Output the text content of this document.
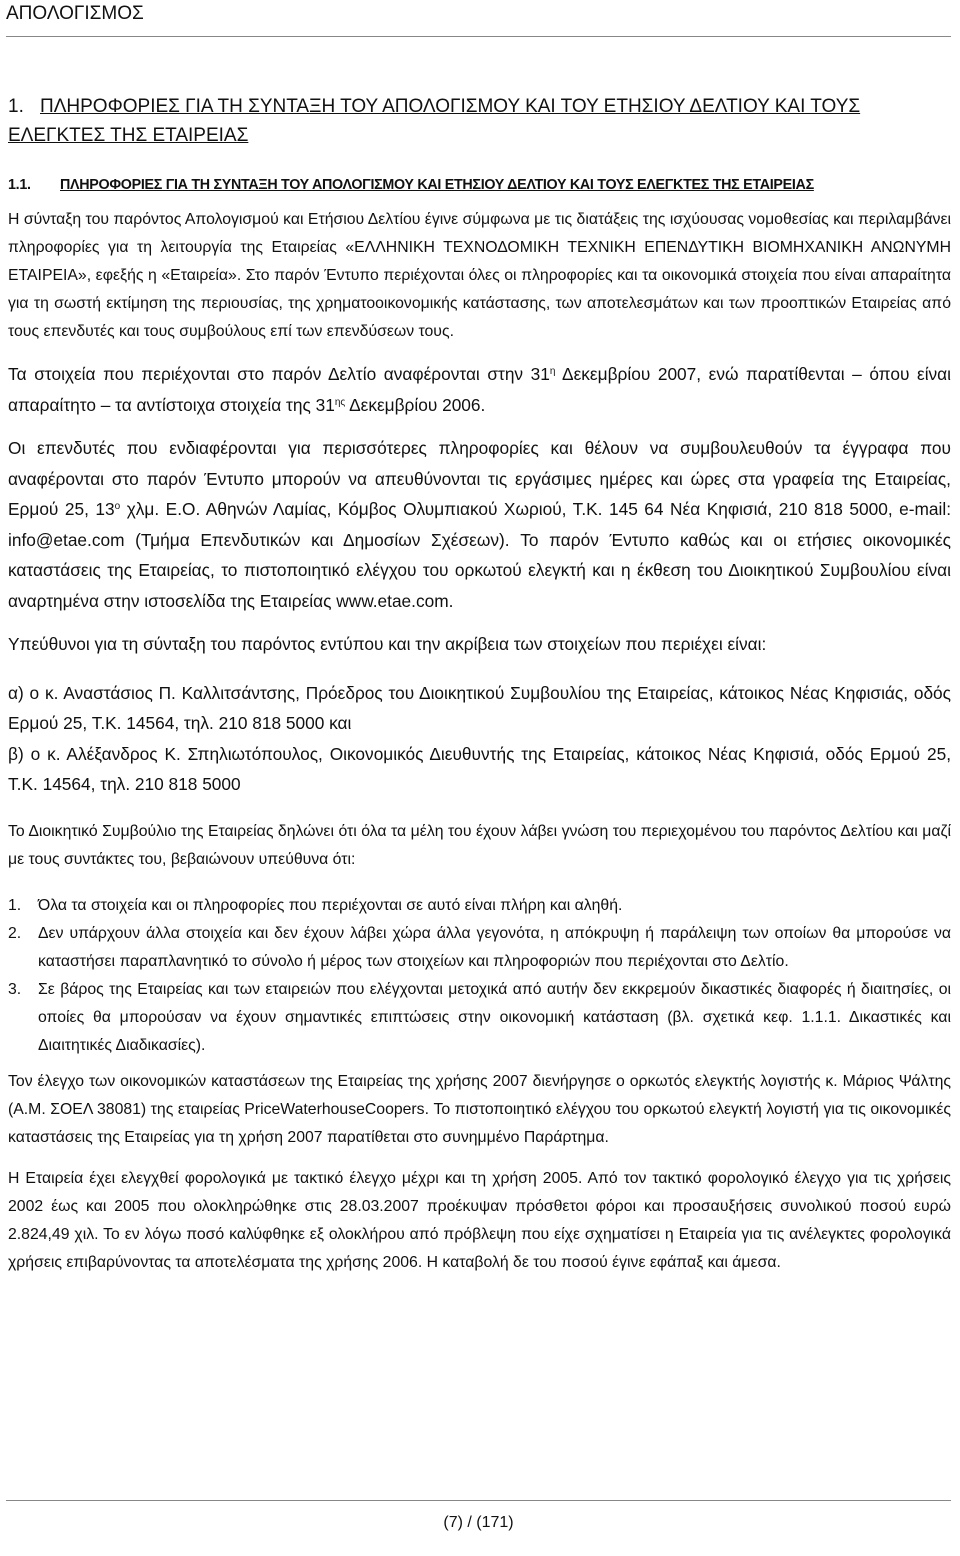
ΑΠΟΛΟΓΙΣΜΟΣ
1. ΠΛΗΡΟΦΟΡΙΕΣ ΓΙΑ ΤΗ ΣΥΝΤΑΞΗ ΤΟΥ ΑΠΟΛΟΓΙΣΜΟΥ ΚΑΙ ΤΟΥ ΕΤΗΣΙΟΥ ΔΕΛΤΙΟΥ ΚΑΙ ΤΟΥΣ ΕΛΕΓΚΤΕΣ ΤΗΣ ΕΤΑΙΡΕΙΑΣ
1.1. ΠΛΗΡΟΦΟΡΙΕΣ ΓΙΑ ΤΗ ΣΥΝΤΑΞΗ ΤΟΥ ΑΠΟΛΟΓΙΣΜΟΥ ΚΑΙ ΕΤΗΣΙΟΥ ΔΕΛΤΙΟΥ ΚΑΙ ΤΟΥΣ ΕΛΕΓΚΤΕΣ ΤΗΣ ΕΤΑΙΡΕΙΑΣ

Η σύνταξη του παρόντος Απολογισμού και Ετήσιου Δελτίου έγινε σύμφωνα με τις διατάξεις της ισχύουσας νομοθεσίας και περιλαμβάνει πληροφορίες για τη λειτουργία της Εταιρείας «ΕΛΛΗΝΙΚΗ ΤΕΧΝΟΔΟΜΙΚΗ ΤΕΧΝΙΚΗ ΕΠΕΝΔΥΤΙΚΗ ΒΙΟΜΗΧΑΝΙΚΗ ΑΝΩΝΥΜΗ ΕΤΑΙΡΕΙΑ», εφεξής η «Εταιρεία». Στο παρόν Έντυπο περιέχονται όλες οι πληροφορίες και τα οικονομικά στοιχεία που είναι απαραίτητα για τη σωστή εκτίμηση της περιουσίας, της χρηματοοικονομικής κατάστασης, των αποτελεσμάτων και των προοπτικών Εταιρείας από τους επενδυτές και τους συμβούλους επί των επενδύσεων τους.

Τα στοιχεία που περιέχονται στο παρόν Δελτίο αναφέρονται στην $31^\eta$ Δεκεμβρίου 2007, ενώ παρατίθενται – όπου είναι απαραίτητο – τα αντίστοιχα στοιχεία της $31^{\eta\varsigma}$ Δεκεμβρίου 2006.

Οι επενδυτές που ενδιαφέρονται για περισσότερες πληροφορίες και θέλουν να συμβουλευθούν τα έγγραφα που αναφέρονται στο παρόν Έντυπο μπορούν να απευθύνονται τις εργάσιμες ημέρες και ώρες στα γραφεία της Εταιρείας, Ερμού 25, $13^o$ χλμ. Ε.Ο. Αθηνών Λαμίας, Κόμβος Ολυμπιακού Χωριού, Τ.Κ. 145 64 Νέα Κηφισιά, 210 818 5000, e-mail: info@etae.com (Τμήμα Επενδυτικών και Δημοσίων Σχέσεων). Το παρόν Έντυπο καθώς και οι ετήσιες οικονομικές καταστάσεις της Εταιρείας, το πιστοποιητικό ελέγχου του ορκωτού ελεγκτή και η έκθεση του Διοικητικού Συμβουλίου είναι αναρτημένα στην ιστοσελίδα της Εταιρείας www.etae.com.

Υπεύθυνοι για τη σύνταξη του παρόντος εντύπου και την ακρίβεια των στοιχείων που περιέχει είναι:

α) ο κ. Αναστάσιος Π. Καλλιτσάντσης, Πρόεδρος του Διοικητικού Συμβουλίου της Εταιρείας, κάτοικος Νέας Κηφισιάς, οδός Ερμού 25, Τ.Κ. 14564, τηλ. 210 818 5000 και

β) ο κ. Αλέξανδρος Κ. Σπηλιωτόπουλος, Οικονομικός Διευθυντής της Εταιρείας, κάτοικος Νέας Κηφισιά, οδός Ερμού 25, Τ.Κ. 14564, τηλ. 210 818 5000

Το Διοικητικό Συμβούλιο της Εταιρείας δηλώνει ότι όλα τα μέλη του έχουν λάβει γνώση του περιεχομένου του παρόντος Δελτίου και μαζί με τους συντάκτες του, βεβαιώνουν υπεύθυνα ότι:

1. Όλα τα στοιχεία και οι πληροφορίες που περιέχονται σε αυτό είναι πλήρη και αληθή.
2. Δεν υπάρχουν άλλα στοιχεία και δεν έχουν λάβει χώρα άλλα γεγονότα, η απόκρυψη ή παράλειψη των οποίων θα μπορούσε να καταστήσει παραπλανητικό το σύνολο ή μέρος των στοιχείων και πληροφοριών που περιέχονται στο Δελτίο.
3. Σε βάρος της Εταιρείας και των εταιρειών που ελέγχονται μετοχικά από αυτήν δεν εκκρεμούν δικαστικές διαφορές ή διαιτησίες, οι οποίες θα μπορούσαν να έχουν σημαντικές επιπτώσεις στην οικονομική κατάσταση (βλ. σχετικά κεφ. 1.1.1. Δικαστικές και Διαιτητικές Διαδικασίες).

Τον έλεγχο των οικονομικών καταστάσεων της Εταιρείας της χρήσης 2007 διενήργησε ο ορκωτός ελεγκτής λογιστής κ. Μάριος Ψάλτης (Α.Μ. ΣΟΕΛ 38081) της εταιρείας PriceWaterhouseCoopers. Το πιστοποιητικό ελέγχου του ορκωτού ελεγκτή λογιστή για τις οικονομικές καταστάσεις της Εταιρείας για τη χρήση 2007 παρατίθεται στο συνημμένο Παράρτημα.

Η Εταιρεία έχει ελεγχθεί φορολογικά με τακτικό έλεγχο μέχρι και τη χρήση 2005. Από τον τακτικό φορολογικό έλεγχο για τις χρήσεις 2002 έως και 2005 που ολοκληρώθηκε στις 28.03.2007 προέκυψαν πρόσθετοι φόροι και προσαυξήσεις συνολικού ποσού ευρώ 2.824,49 χιλ. Το εν λόγω ποσό καλύφθηκε εξ ολοκλήρου από πρόβλεψη που είχε σχηματίσει η Εταιρεία για τις ανέλεγκτες φορολογικά χρήσεις επιβαρύνοντας τα αποτελέσματα της χρήσης 2006. Η καταβολή δε του ποσού έγινε εφάπαξ και άμεσα.

(7) / (171)
